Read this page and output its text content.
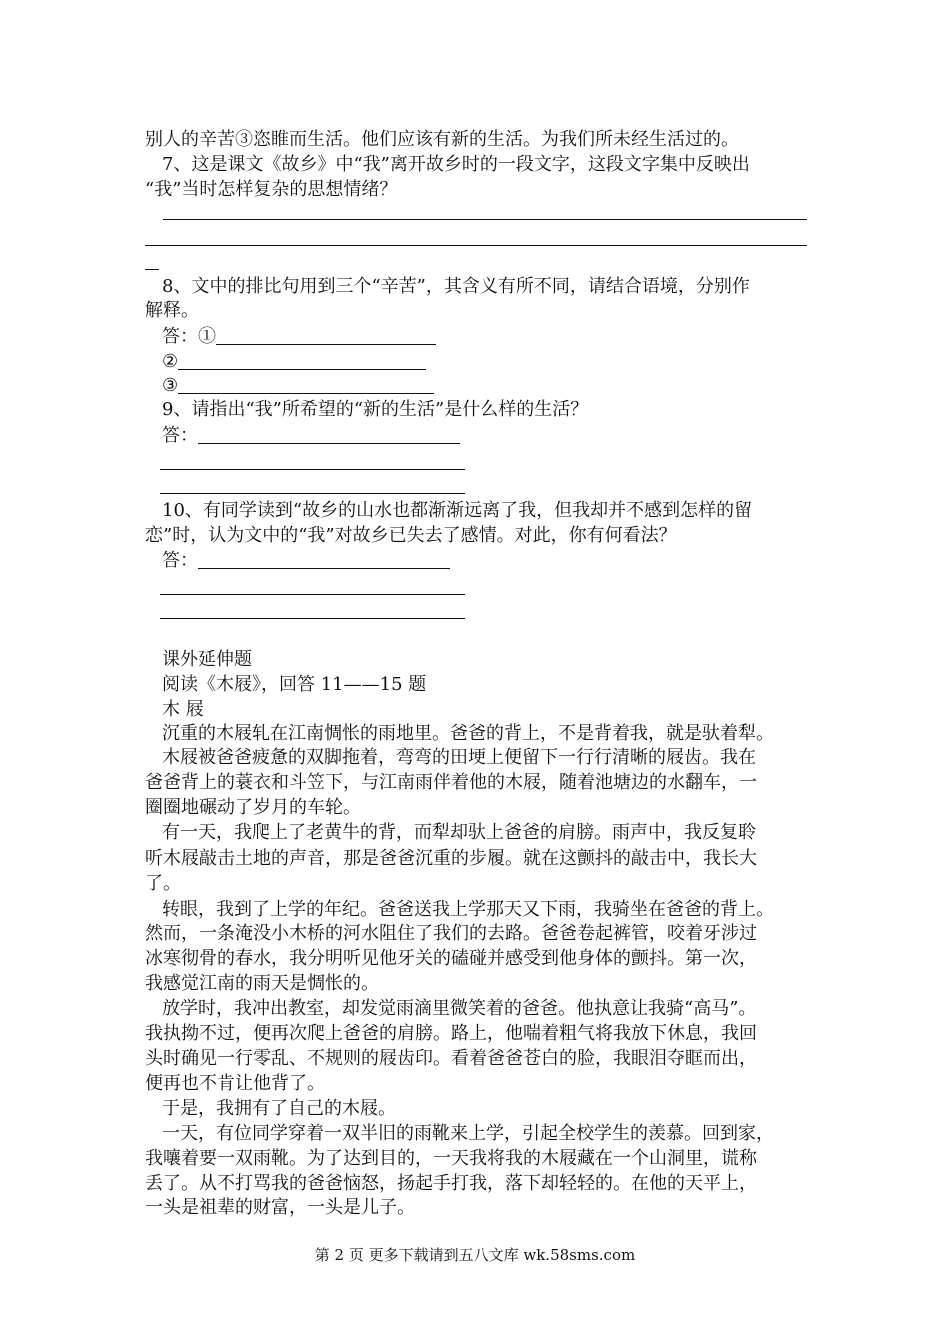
别人的辛苦③恣睢而生活。他们应该有新的生活。为我们所未经生活过的。
7、这是课文《故乡》中“我”离开故乡时的一段文字，这段文字集中反映出
“我”当时怎样复杂的思想情绪？
8、文中的排比句用到三个“辛苦”，其含义有所不同，请结合语境，分别作
解释。
答：①
②
③
9、请指出“我”所希望的“新的生活”是什么样的生活？
答：
10、有同学读到“故乡的山水也都渐渐远离了我，但我却并不感到怎样的留
恋”时，认为文中的“我”对故乡已失去了感情。对此，你有何看法？
答：
课外延伸题
阅读《木屐》，回答 11——15 题
木 屐
沉重的木屐轧在江南惆怅的雨地里。爸爸的背上，不是背着我，就是驮着犁。
木屐被爸爸疲惫的双脚拖着，弯弯的田埂上便留下一行行清晰的屐齿。我在
爸爸背上的蓑衣和斗笠下，与江南雨伴着他的木屐，随着池塘边的水翻车，一
圈圈地碾动了岁月的车轮。
有一天，我爬上了老黄牛的背，而犁却驮上爸爸的肩膀。雨声中，我反复聆
听木屐敲击土地的声音，那是爸爸沉重的步履。就在这颤抖的敲击中，我长大
了。
转眼，我到了上学的年纪。爸爸送我上学那天又下雨，我骑坐在爸爸的背上。
然而，一条淹没小木桥的河水阻住了我们的去路。爸爸卷起裤管，咬着牙涉过
冰寒彻骨的春水，我分明听见他牙关的磕碰并感受到他身体的颤抖。第一次，
我感觉江南的雨天是惆怅的。
放学时，我冲出教室，却发觉雨滴里微笑着的爸爸。他执意让我骑“高马”。
我执拗不过，便再次爬上爸爸的肩膀。路上，他喘着粗气将我放下休息，我回
头时确见一行零乱、不规则的屐齿印。看着爸爸苍白的脸，我眼泪夺眶而出，
便再也不肯让他背了。
于是，我拥有了自己的木屐。
一天，有位同学穿着一双半旧的雨靴来上学，引起全校学生的羡慕。回到家，
我嚷着要一双雨靴。为了达到目的，一天我将我的木屐藏在一个山洞里，谎称
丢了。从不打骂我的爸爸恼怒，扬起手打我，落下却轻轻的。在他的天平上，
一头是祖辈的财富，一头是儿子。
第 2 页 更多下载请到五八文库 wk.58sms.com
